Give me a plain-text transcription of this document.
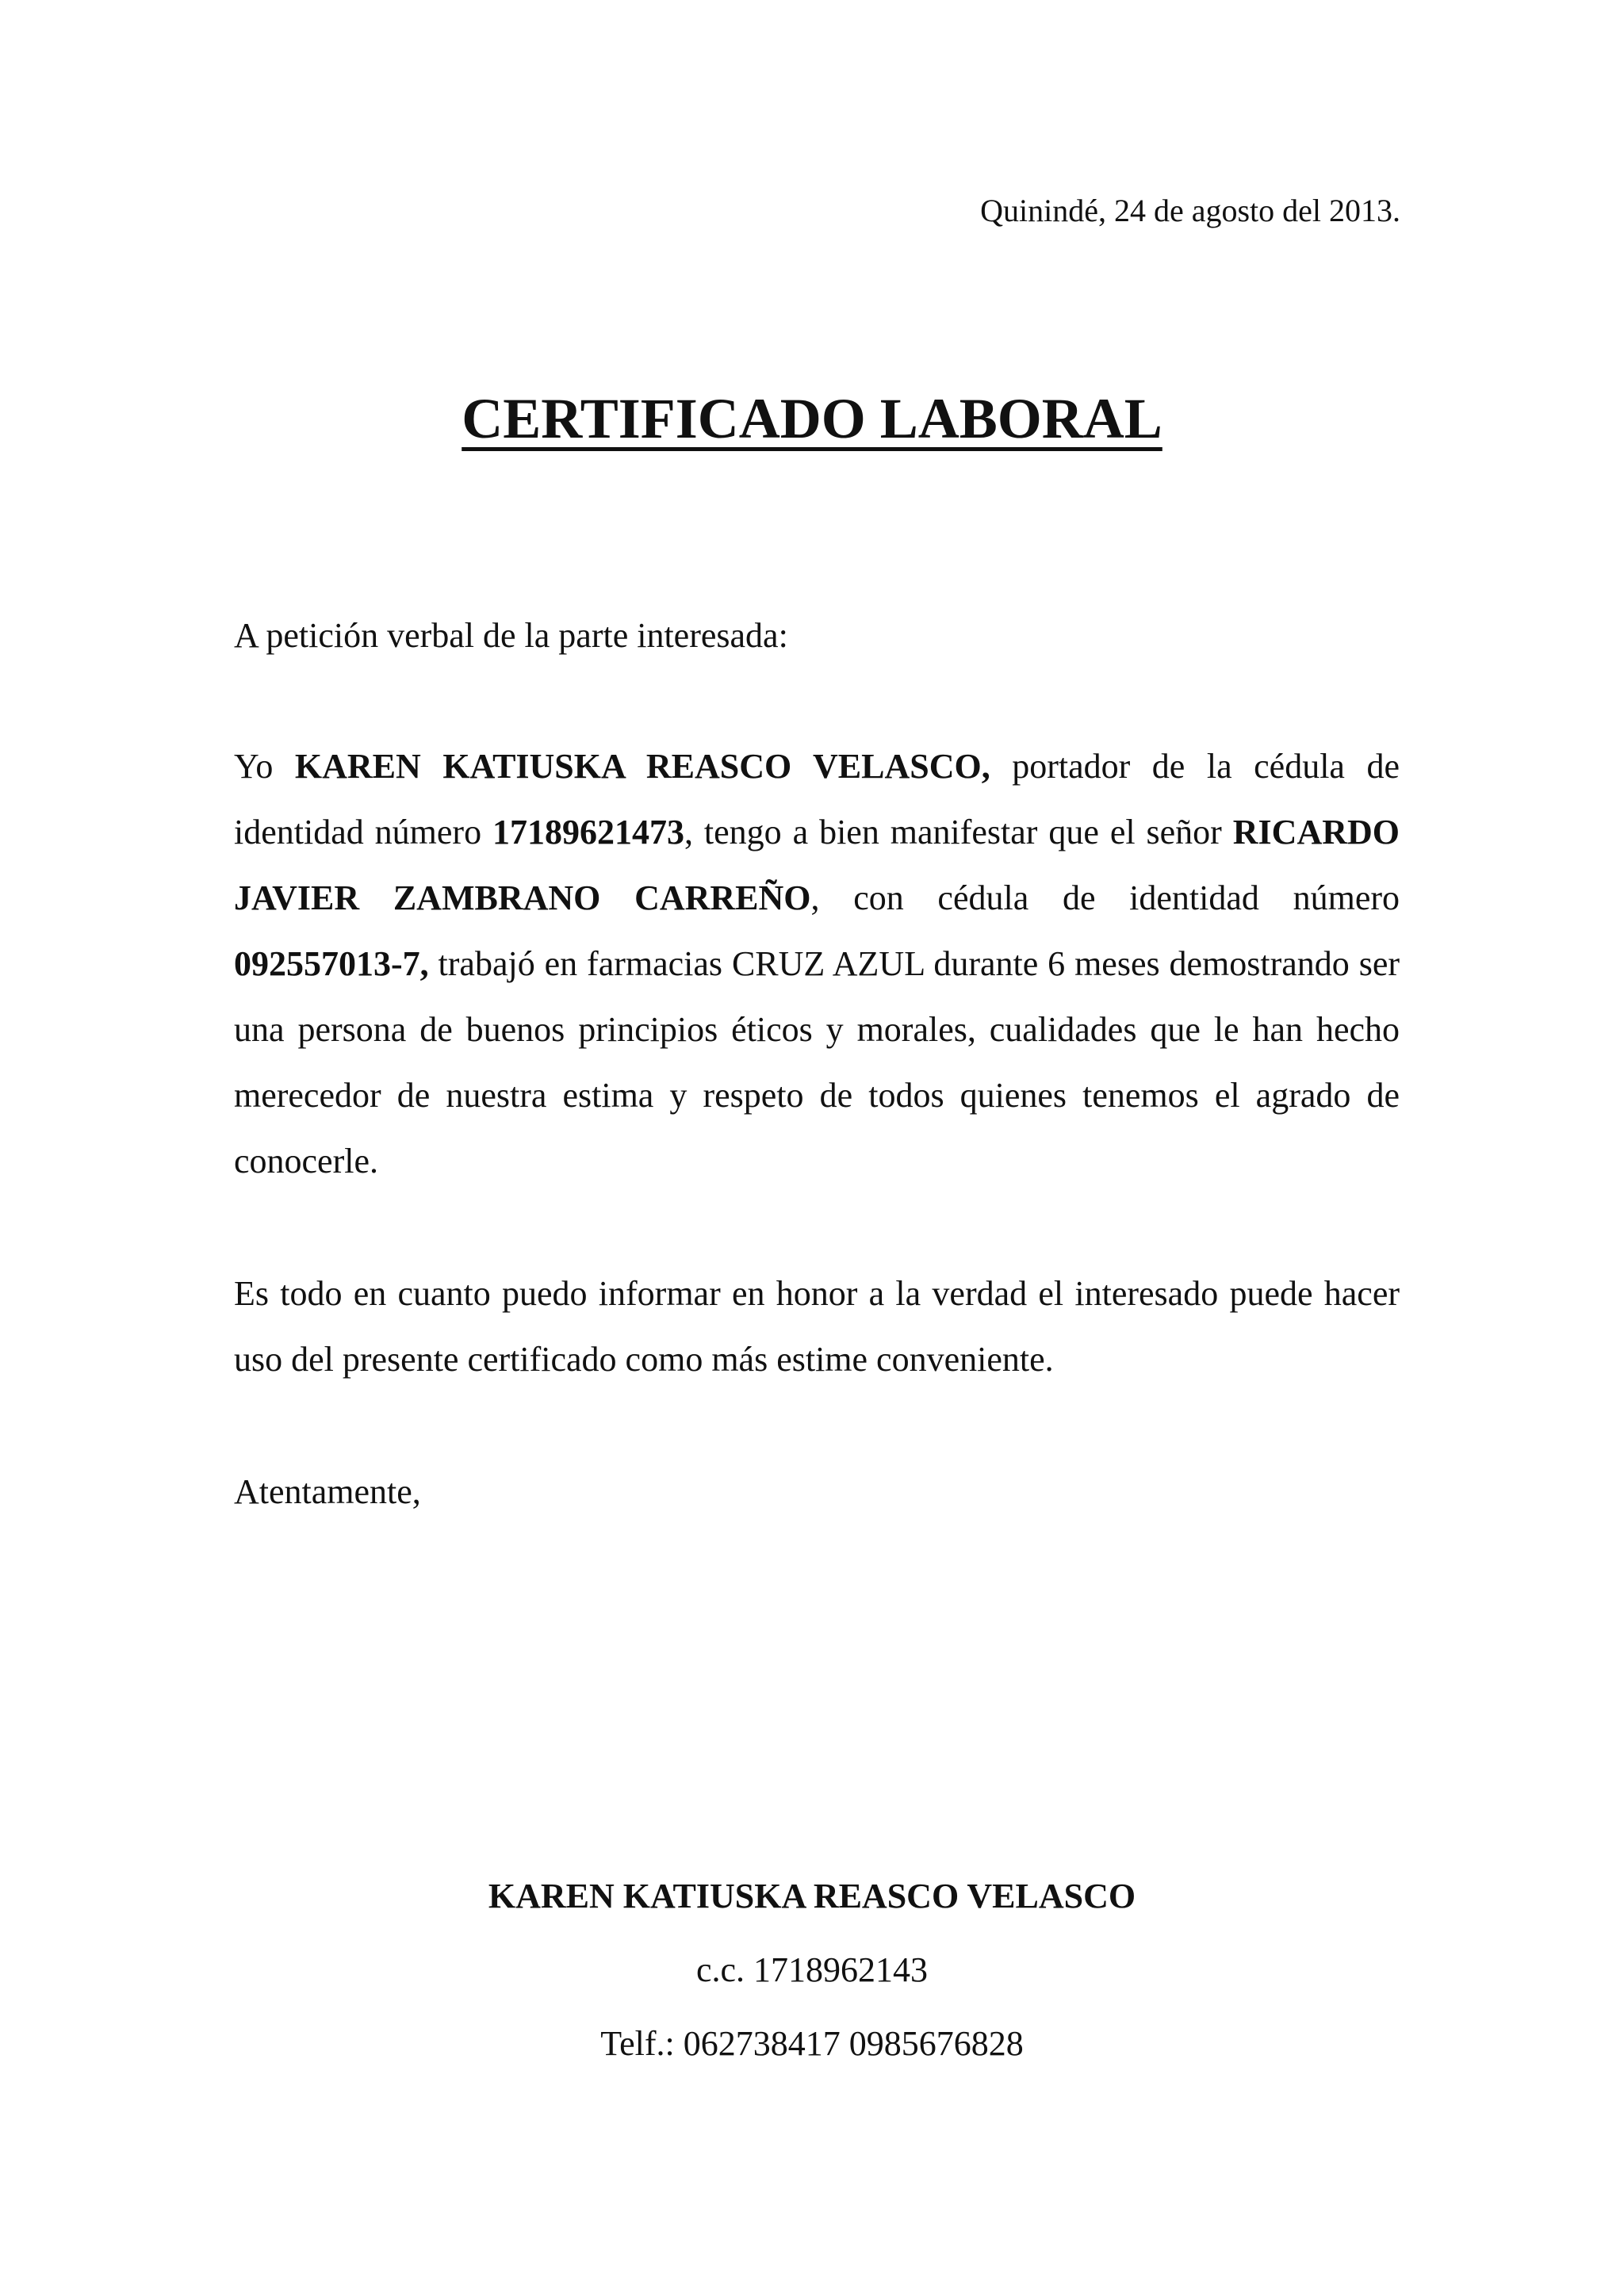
Quinindé, 24 de agosto del 2013.
CERTIFICADO LABORAL
A petición verbal de la parte interesada:
Yo KAREN KATIUSKA REASCO VELASCO, portador de la cédula de identidad número 17189621473, tengo a bien manifestar que el señor RICARDO JAVIER ZAMBRANO CARREÑO, con cédula de identidad número 092557013-7, trabajó en farmacias CRUZ AZUL durante 6 meses demostrando ser una persona de buenos principios éticos y morales, cualidades que le han hecho merecedor de nuestra estima y respeto de todos quienes tenemos el agrado de conocerle.
Es todo en cuanto puedo informar en honor a la verdad el interesado puede hacer uso del presente certificado como más estime conveniente.
Atentamente,
KAREN KATIUSKA REASCO VELASCO
c.c. 1718962143
Telf.: 062738417 0985676828
